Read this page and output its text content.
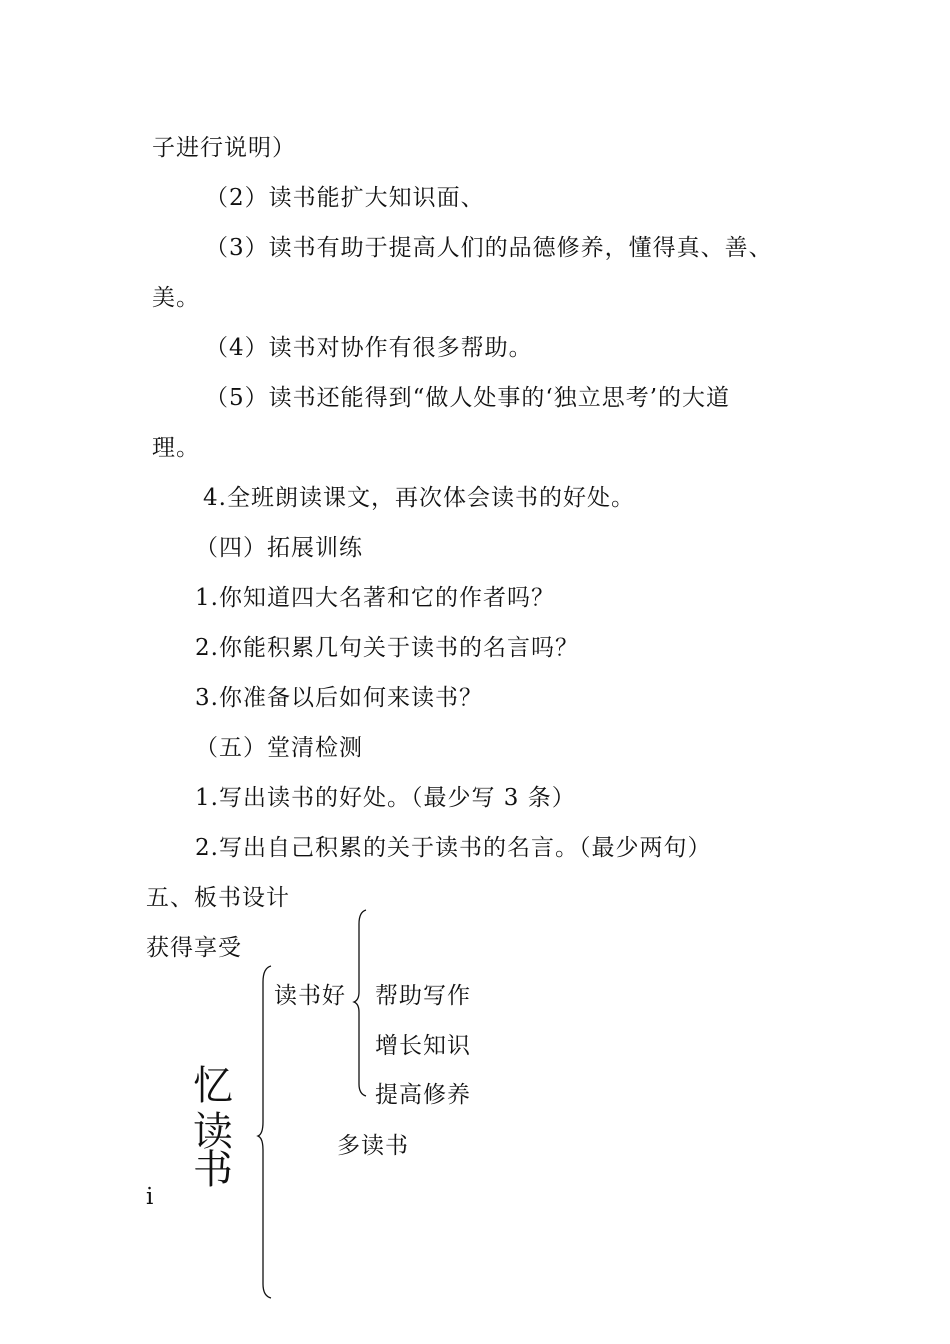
子进行说明）
（2）读书能扩大知识面、
（3）读书有助于提高人们的品德修养，懂得真、善、
美。
（4）读书对协作有很多帮助。
（5）读书还能得到“做人处事的‘独立思考’的大道
理。
4.全班朗读课文，再次体会读书的好处。
（四）拓展训练
1.你知道四大名著和它的作者吗？
2.你能积累几句关于读书的名言吗？
3.你准备以后如何来读书？
（五）堂清检测
1.写出读书的好处。（最少写 3 条）
2.写出自己积累的关于读书的名言。（最少两句）
五、板书设计
获得享受
忆
读
书
i
读书好 帮助写作
增长知识
提高修养
多读书
